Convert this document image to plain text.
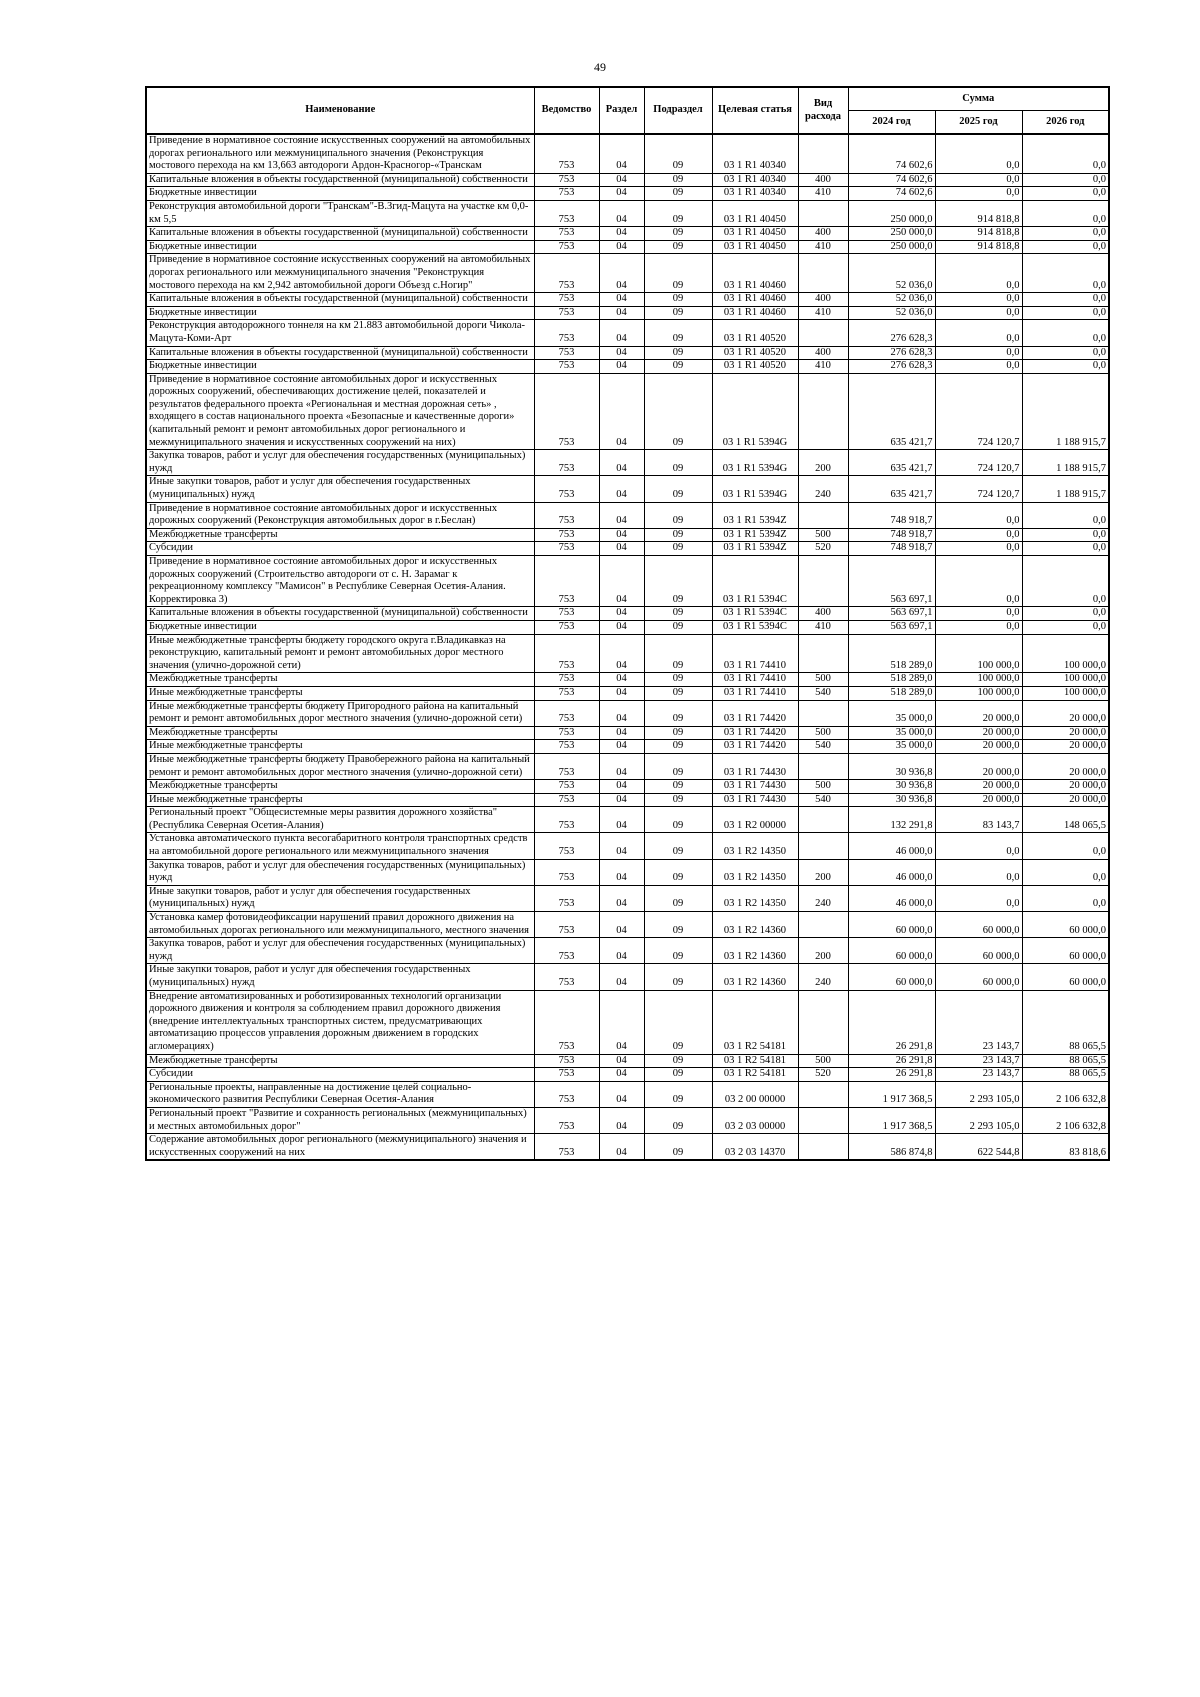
49
Наименование	Ведомство	Раздел	Подраздел	Целевая статья	Вид расхода	Сумма		
						2024 год	2025 год	2026 год
Приведение в нормативное состояние искусственных сооружений на автомобильных дорогах регионального или межмуниципального значения (Реконструкция мостового перехода на км 13,663 автодороги Ардон-Красногор-«Транскам	753	04	09	03 1 R1 40340		74 602,6	0,0	0,0
Капитальные вложения в объекты государственной (муниципальной) собственности	753	04	09	03 1 R1 40340	400	74 602,6	0,0	0,0
Бюджетные инвестиции	753	04	09	03 1 R1 40340	410	74 602,6	0,0	0,0
Реконструкция автомобильной дороги "Транскам"-В.Згид-Мацута на участке км 0,0- км 5,5	753	04	09	03 1 R1 40450		250 000,0	914 818,8	0,0
Капитальные вложения в объекты государственной (муниципальной) собственности	753	04	09	03 1 R1 40450	400	250 000,0	914 818,8	0,0
Бюджетные инвестиции	753	04	09	03 1 R1 40450	410	250 000,0	914 818,8	0,0
Приведение в нормативное состояние искусственных сооружений на автомобильных дорогах регионального или межмуниципального значения "Реконструкция мостового перехода на км 2,942 автомобильной дороги Объезд с.Ногир"	753	04	09	03 1 R1 40460		52 036,0	0,0	0,0
Капитальные вложения в объекты государственной (муниципальной) собственности	753	04	09	03 1 R1 40460	400	52 036,0	0,0	0,0
Бюджетные инвестиции	753	04	09	03 1 R1 40460	410	52 036,0	0,0	0,0
Реконструкция автодорожного тоннеля на км 21.883 автомобильной дороги Чикола-Мацута-Коми-Арт	753	04	09	03 1 R1 40520		276 628,3	0,0	0,0
Капитальные вложения в объекты государственной (муниципальной) собственности	753	04	09	03 1 R1 40520	400	276 628,3	0,0	0,0
Бюджетные инвестиции	753	04	09	03 1 R1 40520	410	276 628,3	0,0	0,0
Приведение в нормативное состояние автомобильных дорог и искусственных дорожных сооружений, обеспечивающих достижение целей, показателей и результатов федерального проекта «Региональная и местная дорожная сеть» , входящего в состав национального проекта «Безопасные и качественные дороги» (капитальный ремонт и ремонт автомобильных дорог регионального и межмуниципального значения и искусственных сооружений на них)	753	04	09	03 1 R1 5394G		635 421,7	724 120,7	1 188 915,7
Закупка товаров, работ и услуг для обеспечения государственных (муниципальных) нужд	753	04	09	03 1 R1 5394G	200	635 421,7	724 120,7	1 188 915,7
Иные закупки товаров, работ и услуг для обеспечения государственных (муниципальных) нужд	753	04	09	03 1 R1 5394G	240	635 421,7	724 120,7	1 188 915,7
Приведение в нормативное состояние автомобильных дорог и искусственных дорожных сооружений (Реконструкция автомобильных дорог в г.Беслан)	753	04	09	03 1 R1 5394Z		748 918,7	0,0	0,0
Межбюджетные трансферты	753	04	09	03 1 R1 5394Z	500	748 918,7	0,0	0,0
Субсидии	753	04	09	03 1 R1 5394Z	520	748 918,7	0,0	0,0
Приведение в нормативное состояние автомобильных дорог и искусственных дорожных сооружений (Строительство автодороги от с. Н. Зарамаг к рекреационному комплексу "Мамисон" в Республике Северная Осетия-Алания. Корректировка 3)	753	04	09	03 1 R1 5394C		563 697,1	0,0	0,0
Капитальные вложения в объекты государственной (муниципальной) собственности	753	04	09	03 1 R1 5394C	400	563 697,1	0,0	0,0
Бюджетные инвестиции	753	04	09	03 1 R1 5394C	410	563 697,1	0,0	0,0
Иные межбюджетные трансферты бюджету городского округа г.Владикавказ на реконструкцию, капитальный ремонт и ремонт автомобильных дорог местного значения (улично-дорожной сети)	753	04	09	03 1 R1 74410		518 289,0	100 000,0	100 000,0
Межбюджетные трансферты	753	04	09	03 1 R1 74410	500	518 289,0	100 000,0	100 000,0
Иные межбюджетные трансферты	753	04	09	03 1 R1 74410	540	518 289,0	100 000,0	100 000,0
Иные межбюджетные трансферты бюджету Пригородного района на капитальный ремонт и ремонт автомобильных дорог местного значения (улично-дорожной сети)	753	04	09	03 1 R1 74420		35 000,0	20 000,0	20 000,0
Межбюджетные трансферты	753	04	09	03 1 R1 74420	500	35 000,0	20 000,0	20 000,0
Иные межбюджетные трансферты	753	04	09	03 1 R1 74420	540	35 000,0	20 000,0	20 000,0
Иные межбюджетные трансферты бюджету Правобережного района на капитальный ремонт и ремонт автомобильных дорог местного значения (улично-дорожной сети)	753	04	09	03 1 R1 74430		30 936,8	20 000,0	20 000,0
Межбюджетные трансферты	753	04	09	03 1 R1 74430	500	30 936,8	20 000,0	20 000,0
Иные межбюджетные трансферты	753	04	09	03 1 R1 74430	540	30 936,8	20 000,0	20 000,0
Региональный проект "Общесистемные меры развития дорожного хозяйства" (Республика Северная Осетия-Алания)	753	04	09	03 1 R2 00000		132 291,8	83 143,7	148 065,5
Установка автоматического пункта весогабаритного контроля транспортных средств на автомобильной дороге регионального или межмуниципального значения	753	04	09	03 1 R2 14350		46 000,0	0,0	0,0
Закупка товаров, работ и услуг для обеспечения государственных (муниципальных) нужд	753	04	09	03 1 R2 14350	200	46 000,0	0,0	0,0
Иные закупки товаров, работ и услуг для обеспечения государственных (муниципальных) нужд	753	04	09	03 1 R2 14350	240	46 000,0	0,0	0,0
Установка камер фотовидеофиксации нарушений правил дорожного движения на автомобильных дорогах регионального или межмуниципального, местного значения	753	04	09	03 1 R2 14360		60 000,0	60 000,0	60 000,0
Закупка товаров, работ и услуг для обеспечения государственных (муниципальных) нужд	753	04	09	03 1 R2 14360	200	60 000,0	60 000,0	60 000,0
Иные закупки товаров, работ и услуг для обеспечения государственных (муниципальных) нужд	753	04	09	03 1 R2 14360	240	60 000,0	60 000,0	60 000,0
Внедрение автоматизированных и роботизированных технологий организации дорожного движения и контроля за соблюдением правил дорожного движения (внедрение интеллектуальных транспортных систем, предусматривающих автоматизацию процессов управления дорожным движением в городских агломерациях)	753	04	09	03 1 R2 54181		26 291,8	23 143,7	88 065,5
Межбюджетные трансферты	753	04	09	03 1 R2 54181	500	26 291,8	23 143,7	88 065,5
Субсидии	753	04	09	03 1 R2 54181	520	26 291,8	23 143,7	88 065,5
Региональные проекты, направленные на достижение целей социально-экономического развития Республики Северная Осетия-Алания	753	04	09	03 2 00 00000		1 917 368,5	2 293 105,0	2 106 632,8
Региональный проект "Развитие и сохранность региональных (межмуниципальных) и местных автомобильных дорог"	753	04	09	03 2 03 00000		1 917 368,5	2 293 105,0	2 106 632,8
Содержание автомобильных дорог регионального (межмуниципального) значения и искусственных сооружений на них	753	04	09	03 2 03 14370		586 874,8	622 544,8	83 818,6
